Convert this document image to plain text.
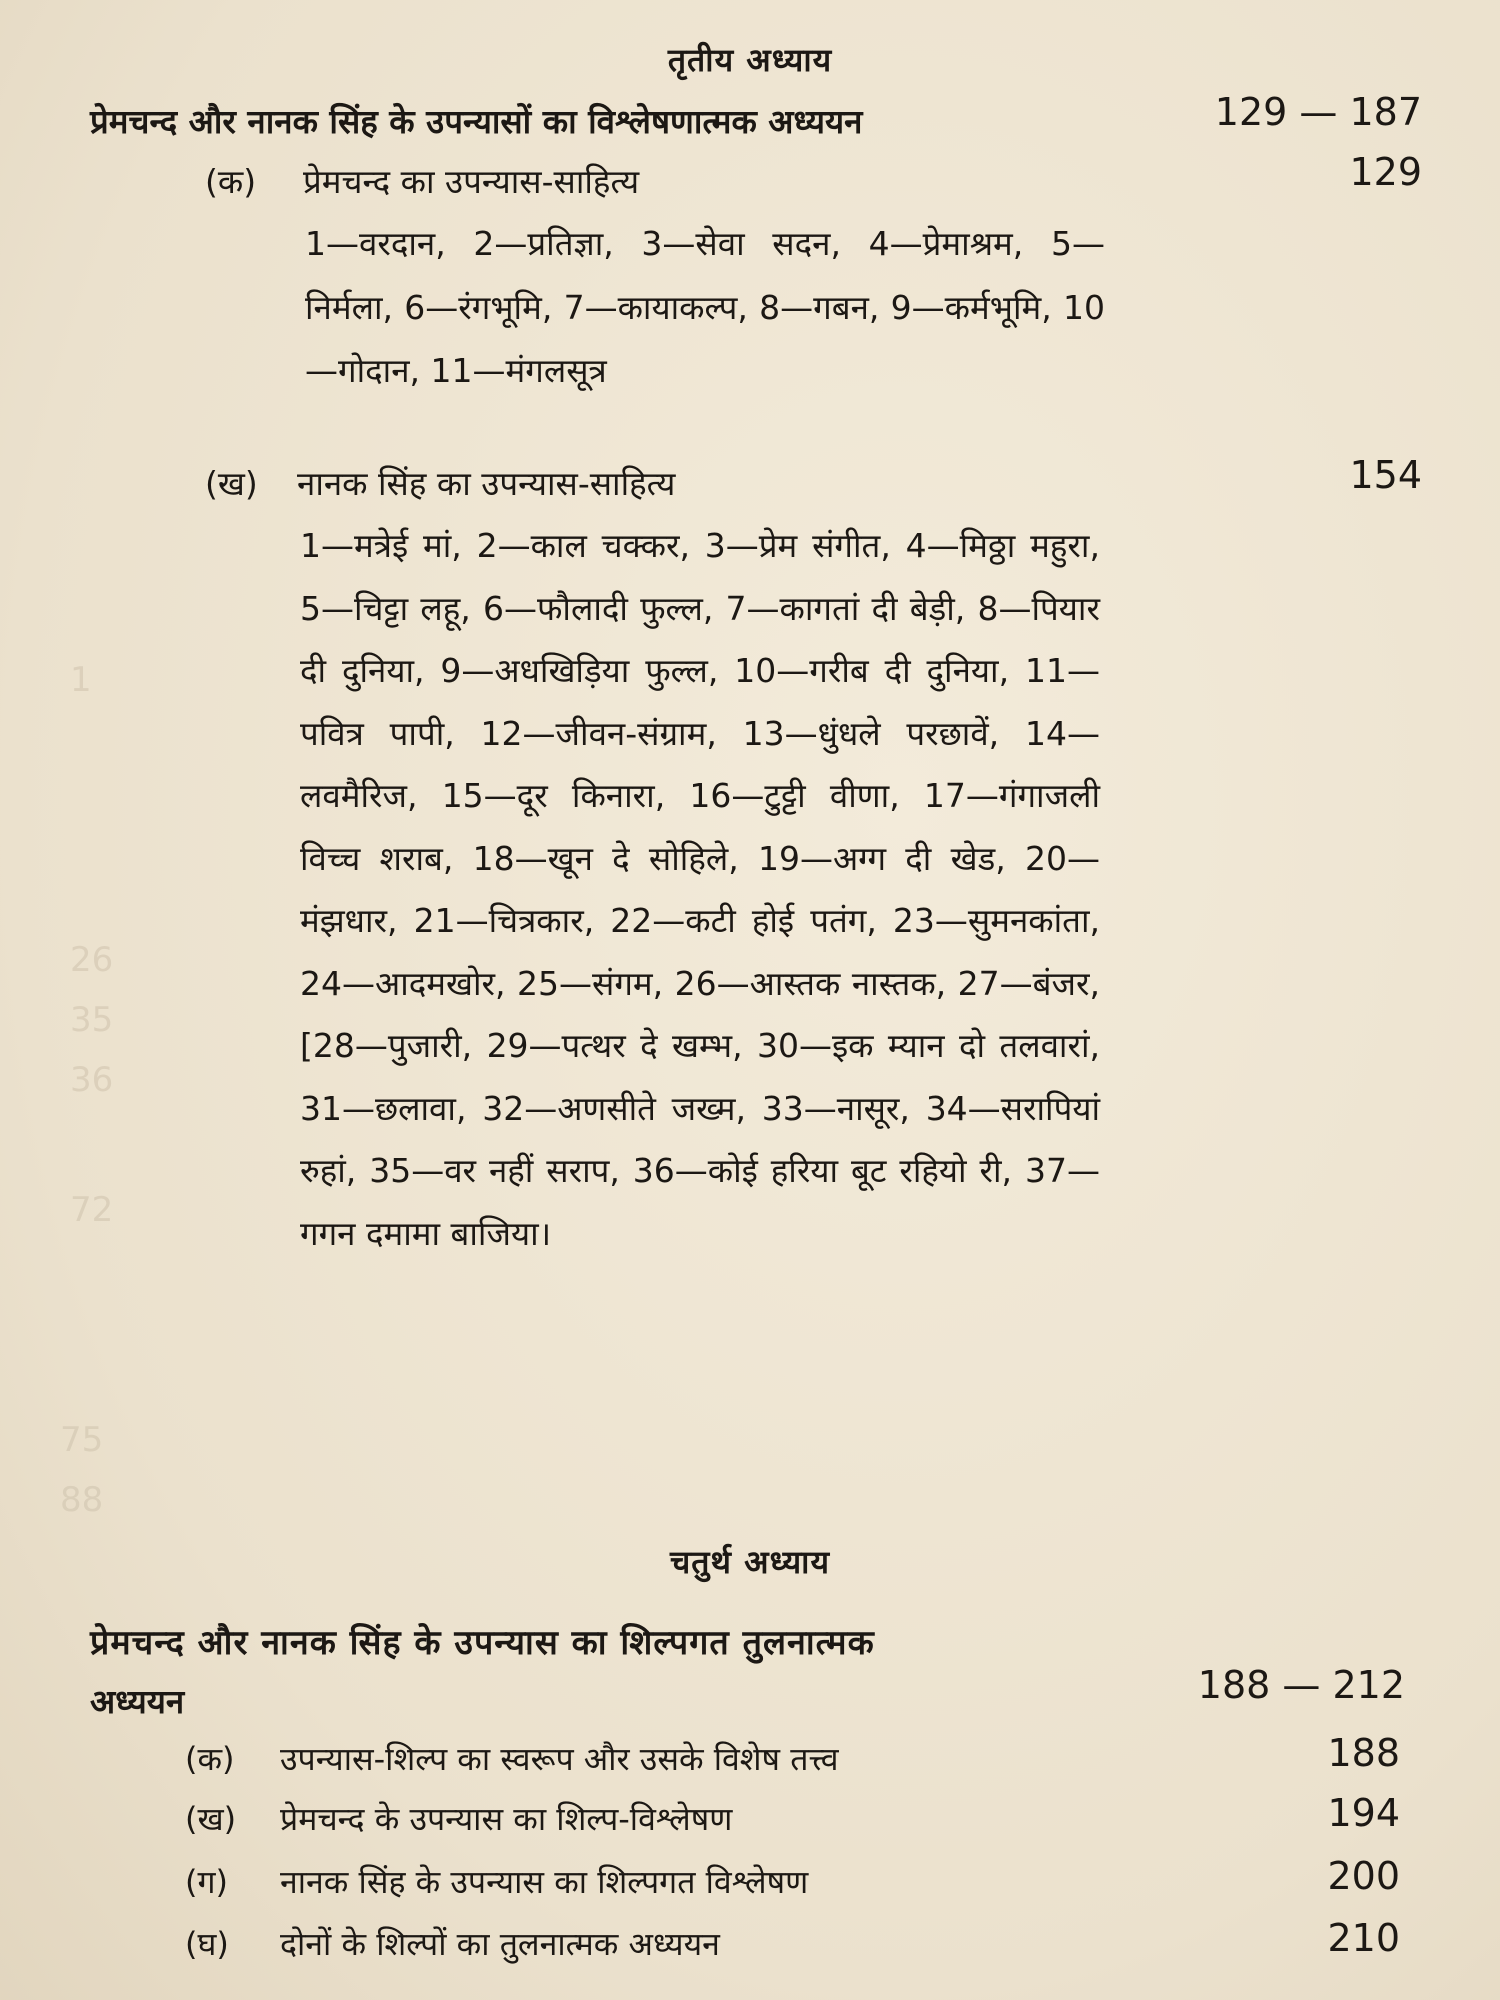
1
26
35
36
72
75
88
तृतीय अध्याय
प्रेमचन्द और नानक सिंह के उपन्यासों का विश्लेषणात्मक अध्ययन	129 — 187
(क) प्रेमचन्द का उपन्यास-साहित्य	129
1—वरदान, 2—प्रतिज्ञा, 3—सेवा सदन, 4—प्रेमाश्रम, 5—निर्मला, 6—रंगभूमि, 7—कायाकल्प, 8—गबन, 9—कर्मभूमि, 10—गोदान, 11—मंगलसूत्र
(ख) नानक सिंह का उपन्यास-साहित्य	154
1—मत्रेई मां, 2—काल चक्कर, 3—प्रेम संगीत, 4—मिठ्ठा महुरा, 5—चिट्टा लहू, 6—फौलादी फुल्ल, 7—कागतां दी बेड़ी, 8—पियार दी दुनिया, 9—अधखिड़िया फुल्ल, 10—गरीब दी दुनिया, 11—पवित्र पापी, 12—जीवन-संग्राम, 13—धुंधले परछावें, 14—लवमैरिज, 15—दूर किनारा, 16—टुट्टी वीणा, 17—गंगाजली विच्च शराब, 18—खून दे सोहिले, 19—अग्ग दी खेड, 20—मंझधार, 21—चित्रकार, 22—कटी होई पतंग, 23—सुमनकांता, 24—आदमखोर, 25—संगम, 26—आस्तक नास्तक, 27—बंजर, [28—पुजारी, 29—पत्थर दे खम्भ, 30—इक म्यान दो तलवारां, 31—छलावा, 32—अणसीते जख्म, 33—नासूर, 34—सरापियां रुहां, 35—वर नहीं सराप, 36—कोई हरिया बूट रहियो री, 37—गगन दमामा बाजिया।
चतुर्थ अध्याय
प्रेमचन्द और नानक सिंह के उपन्यास का शिल्पगत तुलनात्मक
अध्ययन	188 — 212
(क) उपन्यास-शिल्प का स्वरूप और उसके विशेष तत्त्व	188
(ख) प्रेमचन्द के उपन्यास का शिल्प-विश्लेषण	194
(ग) नानक सिंह के उपन्यास का शिल्पगत विश्लेषण	200
(घ) दोनों के शिल्पों का तुलनात्मक अध्ययन	210
